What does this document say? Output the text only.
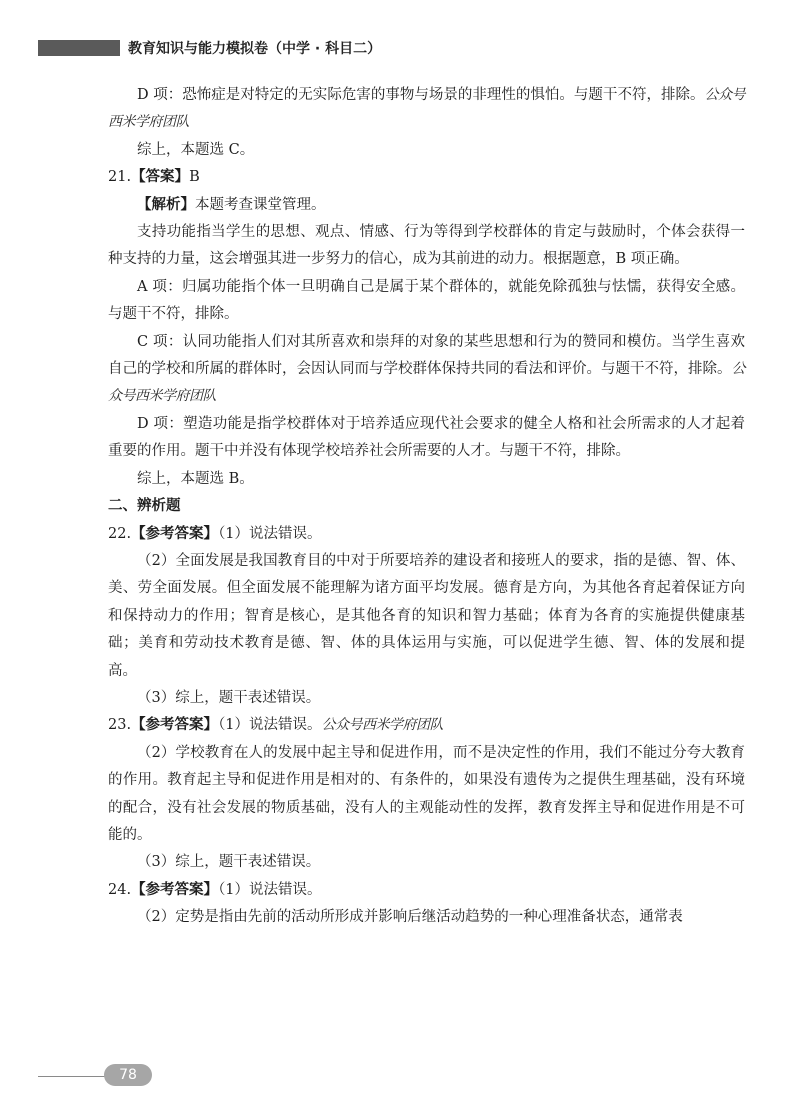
教育知识与能力模拟卷（中学 · 科目二）

D 项：恐怖症是对特定的无实际危害的事物与场景的非理性的惧怕。与题干不符，排除。公众号西米学府团队

综上，本题选 C。

21.【答案】B

【解析】本题考查课堂管理。

支持功能指当学生的思想、观点、情感、行为等得到学校群体的肯定与鼓励时，个体会获得一种支持的力量，这会增强其进一步努力的信心，成为其前进的动力。根据题意，B 项正确。

A 项：归属功能指个体一旦明确自己是属于某个群体的，就能免除孤独与怯懦，获得安全感。与题干不符，排除。

C 项：认同功能指人们对其所喜欢和崇拜的对象的某些思想和行为的赞同和模仿。当学生喜欢自己的学校和所属的群体时，会因认同而与学校群体保持共同的看法和评价。与题干不符，排除。公众号西米学府团队

D 项：塑造功能是指学校群体对于培养适应现代社会要求的健全人格和社会所需求的人才起着重要的作用。题干中并没有体现学校培养社会所需要的人才。与题干不符，排除。

综上，本题选 B。

二、辨析题

22.【参考答案】（1）说法错误。

（2）全面发展是我国教育目的中对于所要培养的建设者和接班人的要求，指的是德、智、体、美、劳全面发展。但全面发展不能理解为诸方面平均发展。德育是方向，为其他各育起着保证方向和保持动力的作用；智育是核心，是其他各育的知识和智力基础；体育为各育的实施提供健康基础；美育和劳动技术教育是德、智、体的具体运用与实施，可以促进学生德、智、体的发展和提高。

（3）综上，题干表述错误。

23.【参考答案】（1）说法错误。公众号西米学府团队

（2）学校教育在人的发展中起主导和促进作用，而不是决定性的作用，我们不能过分夸大教育的作用。教育起主导和促进作用是相对的、有条件的，如果没有遗传为之提供生理基础，没有环境的配合，没有社会发展的物质基础，没有人的主观能动性的发挥，教育发挥主导和促进作用是不可能的。

（3）综上，题干表述错误。

24.【参考答案】（1）说法错误。

（2）定势是指由先前的活动所形成并影响后继活动趋势的一种心理准备状态，通常表

78
